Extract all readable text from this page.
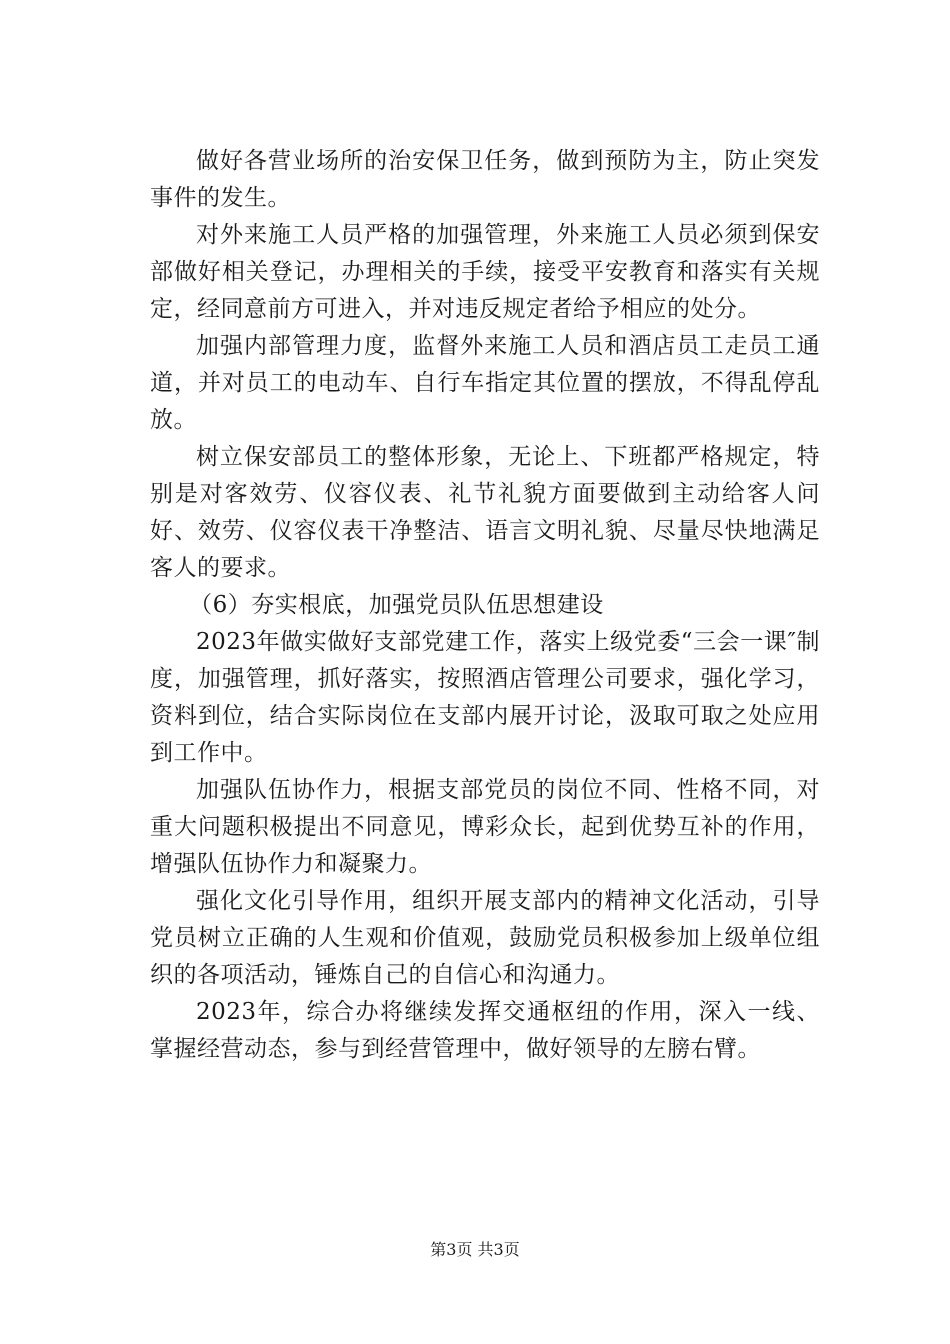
做好各营业场所的治安保卫任务，做到预防为主，防止突发事件的发生。

对外来施工人员严格的加强管理，外来施工人员必须到保安部做好相关登记，办理相关的手续，接受平安教育和落实有关规定，经同意前方可进入，并对违反规定者给予相应的处分。

加强内部管理力度，监督外来施工人员和酒店员工走员工通道，并对员工的电动车、自行车指定其位置的摆放，不得乱停乱放。

树立保安部员工的整体形象，无论上、下班都严格规定，特别是对客效劳、仪容仪表、礼节礼貌方面要做到主动给客人问好、效劳、仪容仪表干净整洁、语言文明礼貌、尽量尽快地满足客人的要求。

（6）夯实根底，加强党员队伍思想建设

2023年做实做好支部党建工作，落实上级党委“三会一课″制度，加强管理，抓好落实，按照酒店管理公司要求，强化学习，资料到位，结合实际岗位在支部内展开讨论，汲取可取之处应用到工作中。

加强队伍协作力，根据支部党员的岗位不同、性格不同，对重大问题积极提出不同意见，博彩众长，起到优势互补的作用，增强队伍协作力和凝聚力。

强化文化引导作用，组织开展支部内的精神文化活动，引导党员树立正确的人生观和价值观，鼓励党员积极参加上级单位组织的各项活动，锤炼自己的自信心和沟通力。

2023年，综合办将继续发挥交通枢纽的作用，深入一线、掌握经营动态，参与到经营管理中，做好领导的左膀右臂。

第3页 共3页
